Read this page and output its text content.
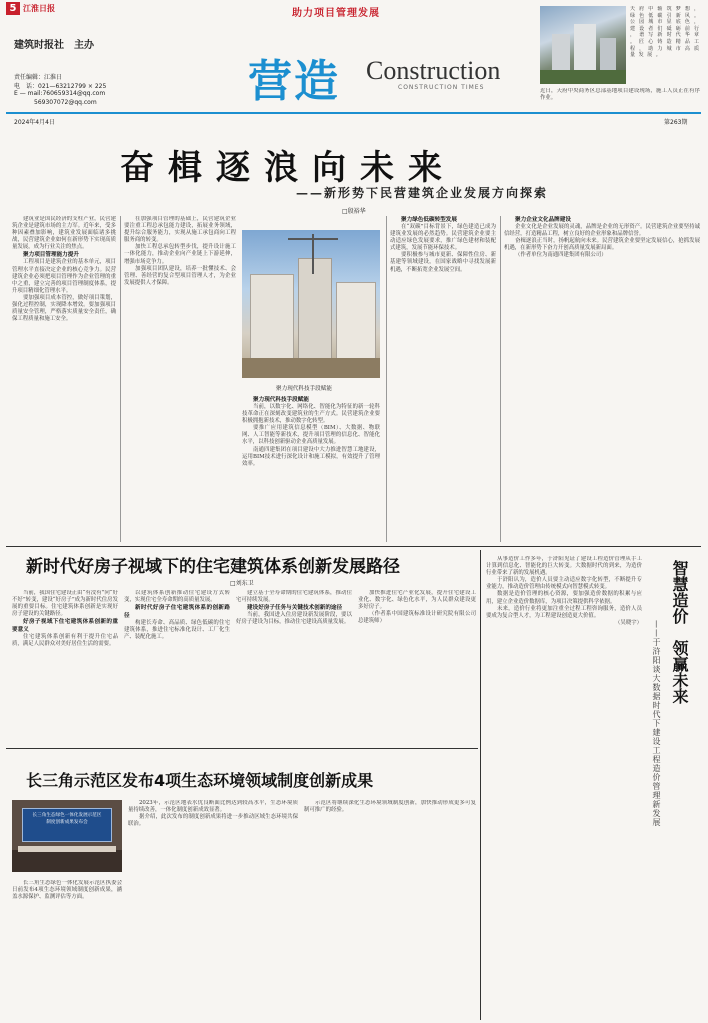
5 江淮日报	助力项目管理发展
建筑时报社　主办
责任编辑：江淮日
电　话：021—63212799 × 225
E — mail:760659314@qq.com
569307072@qq.com	营造 Construction
CONSTRUCTION TIMES
2024年4月4日	第263期
天 府 中 轴 筑 梦 想 ， 绿 色 低 碳 引 新 风 。 公 园 城 市 显 底 色 ， 建 设 者 们 砥 砺 前 行 ， 谱 写 新 时 代 华 章 。 匠 心 铸 造 精 品 工 程 ， 助 力 城 市 高 质 量 发 展 。
近日，天府中央商务区总部基地项目建设现场，施工人员正在有序作业。
奋楫逐浪向未来
——新形势下民营建筑企业发展方向探索
□殷裕华

建筑业是国民经济的支柱产业，民营建筑企业是建筑市场的主力军。近年来，受多种因素叠加影响，建筑业发展面临诸多挑战，民营建筑企业如何在新形势下实现高质量发展，成为行业关注的焦点。

聚力项目管理能力提升

工程项目是建筑企业的基本单元，项目管理水平直接决定企业的核心竞争力。民营建筑企业必须把项目管理作为企业管理的重中之重，建立完善的项目管理制度体系，提升项目精细化管理水平。

要加强项目成本管控，做好项目策划，强化过程控制，实现降本增效。要加强项目质量安全管理，严格落实质量安全责任，确保工程质量和施工安全。

在加强项目管理的基础上，民营建筑企业要注重工程总承包能力建设，拓展业务领域，提升综合服务能力，实现从施工承包商向工程服务商的转变。

加快工程总承包转型步伐，提升设计施工一体化能力，推动企业向产业链上下游延伸，增强市场竞争力。

加强项目团队建设，培养一批懂技术、会管理、善经营的复合型项目管理人才，为企业发展提供人才保障。

聚力现代科技手段赋能
聚力现代科技手段赋能

当前，以数字化、网络化、智能化为特征的新一轮科技革命正在深刻改变建筑业的生产方式。民营建筑企业要积极拥抱新技术，推动数字化转型。

要推广应用建筑信息模型（BIM）、大数据、物联网、人工智能等新技术，提升项目管理的信息化、智能化水平，以科技创新驱动企业高质量发展。

南通四建集团在项目建设中大力推进智慧工地建设，运用BIM技术进行深化设计和施工模拟，有效提升了管理效率。

聚力绿色低碳转型发展

在“双碳”目标背景下，绿色建造已成为建筑业发展的必然趋势。民营建筑企业要主动适应绿色发展要求，推广绿色建材和装配式建筑，发展节能环保技术。

要积极参与城市更新、保障性住房、新基建等领域建设，在国家战略中寻找发展新机遇，不断拓宽企业发展空间。

聚力企业文化品牌建设

企业文化是企业发展的灵魂，品牌是企业的无形资产。民营建筑企业要坚持诚信经营，打造精品工程，树立良好的企业形象和品牌信誉。

奋楫逐浪正当时，扬帆起航向未来。民营建筑企业要坚定发展信心，抢抓发展机遇，在新形势下奋力开创高质量发展新局面。

（作者单位为南通四建集团有限公司）

新时代好房子视域下的住宅建筑体系创新发展路径
□刘东卫

当前，我国住宅建设正由“有没有”向“好不好”转变，建设“好房子”成为新时代住房发展的重要目标。住宅建筑体系创新是实现好房子建设的关键路径。

好房子视域下住宅建筑体系创新的重要意义

住宅建筑体系创新有利于提升住宅品质，满足人民群众对美好居住生活的需要。

以建筑体系创新推动住宅建设方式转变，实现住宅全寿命期的高质量发展。

新时代好房子住宅建筑体系的创新路径

构建长寿命、高品质、绿色低碳的住宅建筑体系，推进住宅标准化设计、工厂化生产、装配化施工。

建立基于全寿命期的住宅建筑体系，推动住宅可持续发展。

建设好房子任务与关键技术创新的途径

当前，我国进入住房建设新发展阶段，要以好房子建设为目标，推动住宅建设高质量发展。

加快推进住宅产业化发展，提升住宅建设工业化、数字化、绿色化水平，为人民群众建设更多好房子。

（作者系中国建筑标准设计研究院有限公司总建筑师）

长三角示范区发布4项生态环境领域制度创新成果
长三角生态绿色一体化发展示范区
制度创新成果发布会

长三角生态绿色一体化发展示范区执委会日前发布4项生态环境领域制度创新成果，涵盖水源保护、监测评估等方面。

2023年，示范区地表水优良断面比例达到较高水平，生态环境质量持续改善，一体化制度创新成效显著。

据介绍，此次发布的制度创新成果将进一步推动区域生态环境共保联治。

示范区将继续深化生态环境领域制度创新，加快推动形成更多可复制可推广的经验。

智慧造价　领赢未来
——于浒阳谈大数据时代下建设工程造价管理新发展

从事造价工作多年，于浒阳见证了建设工程造价管理从手工计算到信息化、智能化的巨大转变。大数据时代的到来，为造价行业带来了新的发展机遇。

于浒阳认为，造价人员要主动适应数字化转型，不断提升专业能力，推动造价管理由传统模式向智慧模式转变。

数据是造价管理的核心资源，要加强造价数据的积累与应用，建立企业造价数据库，为项目决策提供科学依据。

未来，造价行业将更加注重全过程工程咨询服务，造价人员要成为复合型人才，为工程建设创造更大价值。

（吴晓宇）
